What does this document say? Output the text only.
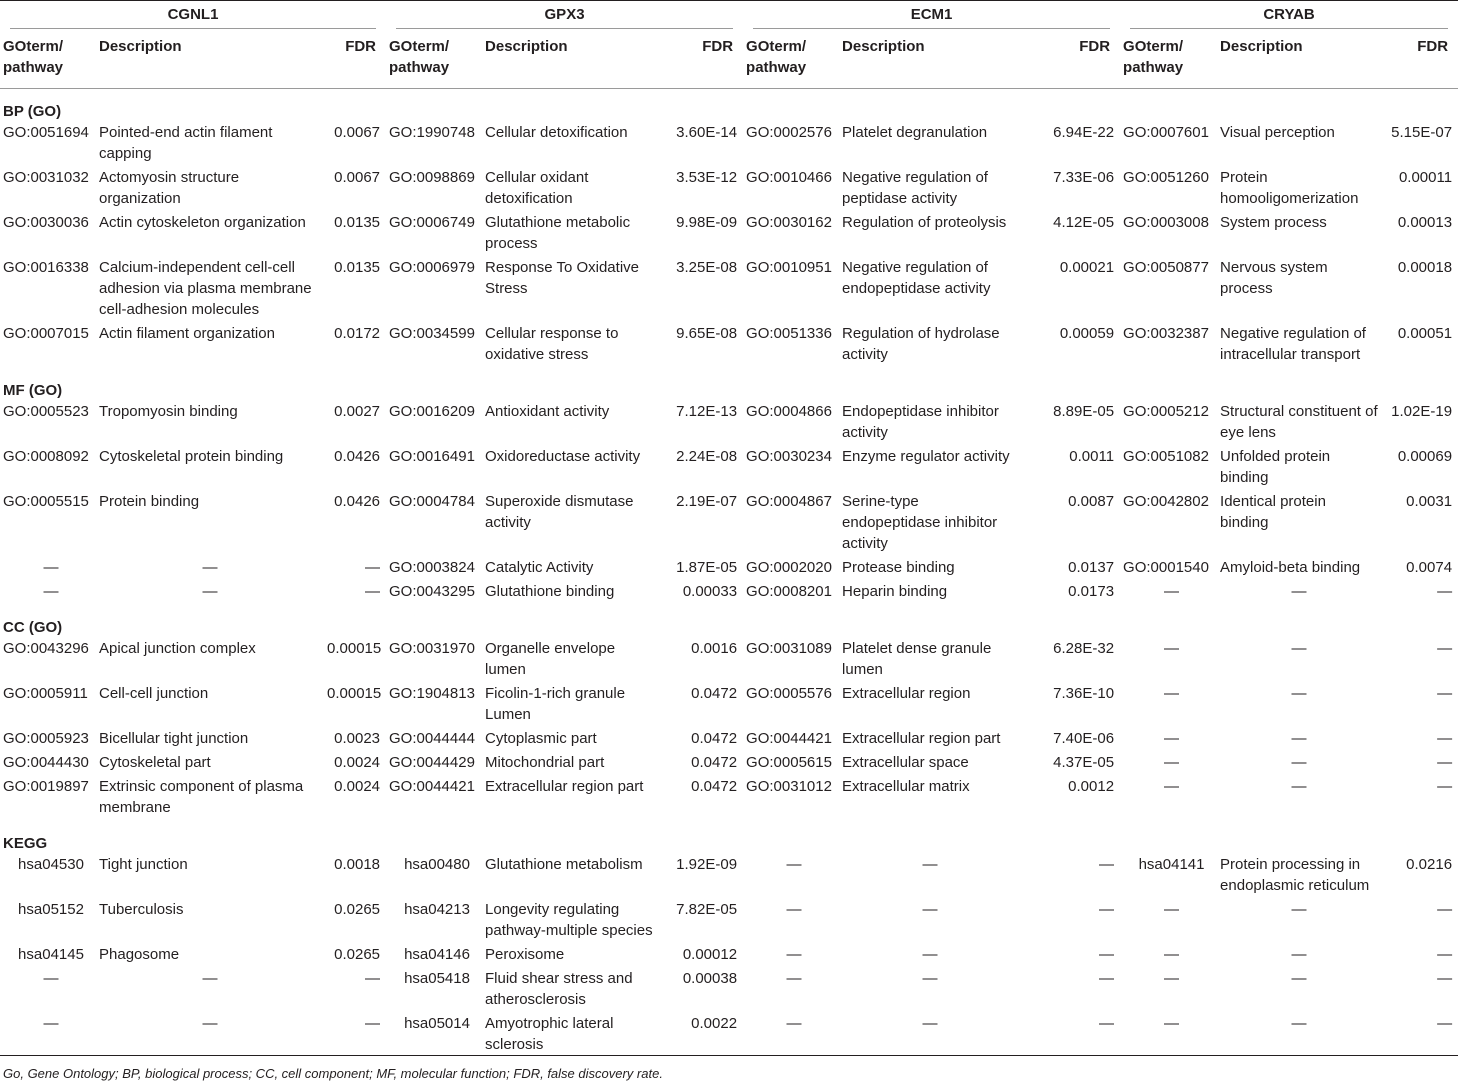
CGNL1			GPX3			ECM1			CRYAB		

GOterm/ pathway	Description	FDR	GOterm/ pathway	Description	FDR	GOterm/ pathway	Description	FDR	GOterm/ pathway	Description	FDR
BP (GO)											
GO:0051694	Pointed-end actin filament capping	0.0067	GO:1990748	Cellular detoxification	3.60E-14	GO:0002576	Platelet degranulation	6.94E-22	GO:0007601	Visual perception	5.15E-07
GO:0031032	Actomyosin structure organization	0.0067	GO:0098869	Cellular oxidant detoxification	3.53E-12	GO:0010466	Negative regulation of peptidase activity	7.33E-06	GO:0051260	Protein homooligomerization	0.00011
GO:0030036	Actin cytoskeleton organization	0.0135	GO:0006749	Glutathione metabolic process	9.98E-09	GO:0030162	Regulation of proteolysis	4.12E-05	GO:0003008	System process	0.00013
GO:0016338	Calcium-independent cell-cell adhesion via plasma membrane cell-adhesion molecules	0.0135	GO:0006979	Response To Oxidative Stress	3.25E-08	GO:0010951	Negative regulation of endopeptidase activity	0.00021	GO:0050877	Nervous system process	0.00018
GO:0007015	Actin filament organization	0.0172	GO:0034599	Cellular response to oxidative stress	9.65E-08	GO:0051336	Regulation of hydrolase activity	0.00059	GO:0032387	Negative regulation of intracellular transport	0.00051
MF (GO)											
GO:0005523	Tropomyosin binding	0.0027	GO:0016209	Antioxidant activity	7.12E-13	GO:0004866	Endopeptidase inhibitor activity	8.89E-05	GO:0005212	Structural constituent of eye lens	1.02E-19
GO:0008092	Cytoskeletal protein binding	0.0426	GO:0016491	Oxidoreductase activity	2.24E-08	GO:0030234	Enzyme regulator activity	0.0011	GO:0051082	Unfolded protein binding	0.00069
GO:0005515	Protein binding	0.0426	GO:0004784	Superoxide dismutase activity	2.19E-07	GO:0004867	Serine-type endopeptidase inhibitor activity	0.0087	GO:0042802	Identical protein binding	0.0031
—	—	—	GO:0003824	Catalytic Activity	1.87E-05	GO:0002020	Protease binding	0.0137	GO:0001540	Amyloid-beta binding	0.0074
—	—	—	GO:0043295	Glutathione binding	0.00033	GO:0008201	Heparin binding	0.0173	—	—	—
CC (GO)											
GO:0043296	Apical junction complex	0.00015	GO:0031970	Organelle envelope lumen	0.0016	GO:0031089	Platelet dense granule lumen	6.28E-32	—	—	—
GO:0005911	Cell-cell junction	0.00015	GO:1904813	Ficolin-1-rich granule Lumen	0.0472	GO:0005576	Extracellular region	7.36E-10	—	—	—
GO:0005923	Bicellular tight junction	0.0023	GO:0044444	Cytoplasmic part	0.0472	GO:0044421	Extracellular region part	7.40E-06	—	—	—
GO:0044430	Cytoskeletal part	0.0024	GO:0044429	Mitochondrial part	0.0472	GO:0005615	Extracellular space	4.37E-05	—	—	—
GO:0019897	Extrinsic component of plasma membrane	0.0024	GO:0044421	Extracellular region part	0.0472	GO:0031012	Extracellular matrix	0.0012	—	—	—
KEGG											
hsa04530	Tight junction	0.0018	hsa00480	Glutathione metabolism	1.92E-09	—	—	—	hsa04141	Protein processing in endoplasmic reticulum	0.0216
hsa05152	Tuberculosis	0.0265	hsa04213	Longevity regulating pathway-multiple species	7.82E-05	—	—	—	—	—	—
hsa04145	Phagosome	0.0265	hsa04146	Peroxisome	0.00012	—	—	—	—	—	—
—	—	—	hsa05418	Fluid shear stress and atherosclerosis	0.00038	—	—	—	—	—	—
—	—	—	hsa05014	Amyotrophic lateral sclerosis	0.0022	—	—	—	—	—	—
Go, Gene Ontology; BP, biological process; CC, cell component; MF, molecular function; FDR, false discovery rate.
